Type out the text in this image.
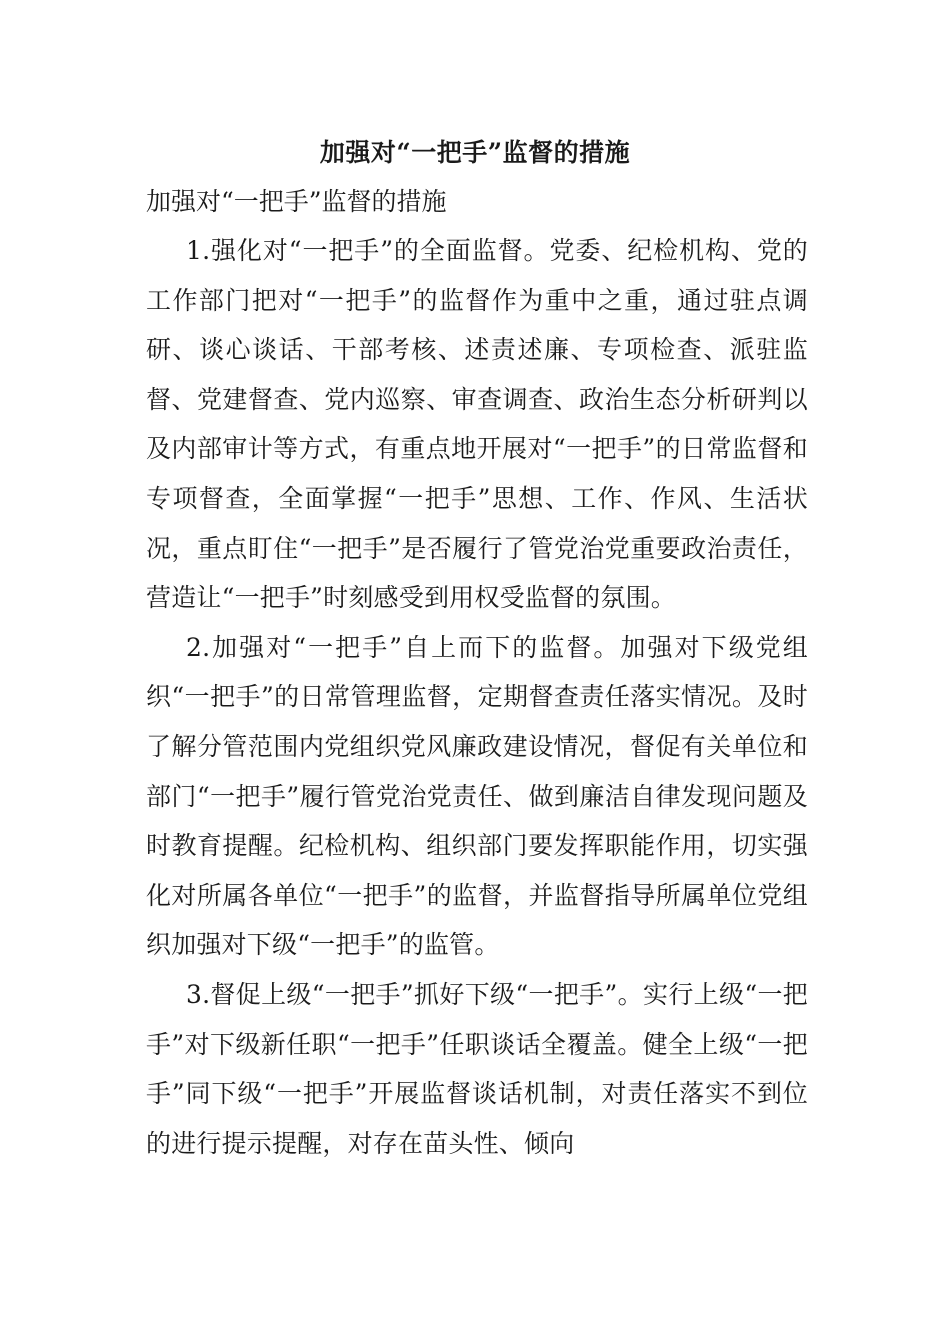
加强对“一把手”监督的措施

加强对“一把手”监督的措施

1.强化对“一把手”的全面监督。党委、纪检机构、党的工作部门把对“一把手”的监督作为重中之重，通过驻点调研、谈心谈话、干部考核、述责述廉、专项检查、派驻监督、党建督查、党内巡察、审查调查、政治生态分析研判以及内部审计等方式，有重点地开展对“一把手”的日常监督和专项督查，全面掌握“一把手”思想、工作、作风、生活状况，重点盯住“一把手”是否履行了管党治党重要政治责任，营造让“一把手”时刻感受到用权受监督的氛围。

2.加强对“一把手”自上而下的监督。加强对下级党组织“一把手”的日常管理监督，定期督查责任落实情况。及时了解分管范围内党组织党风廉政建设情况，督促有关单位和部门“一把手”履行管党治党责任、做到廉洁自律发现问题及时教育提醒。纪检机构、组织部门要发挥职能作用，切实强化对所属各单位“一把手”的监督，并监督指导所属单位党组织加强对下级“一把手”的监管。

3.督促上级“一把手”抓好下级“一把手”。实行上级“一把手”对下级新任职“一把手”任职谈话全覆盖。健全上级“一把手”同下级“一把手”开展监督谈话机制，对责任落实不到位的进行提示提醒，对存在苗头性、倾向
